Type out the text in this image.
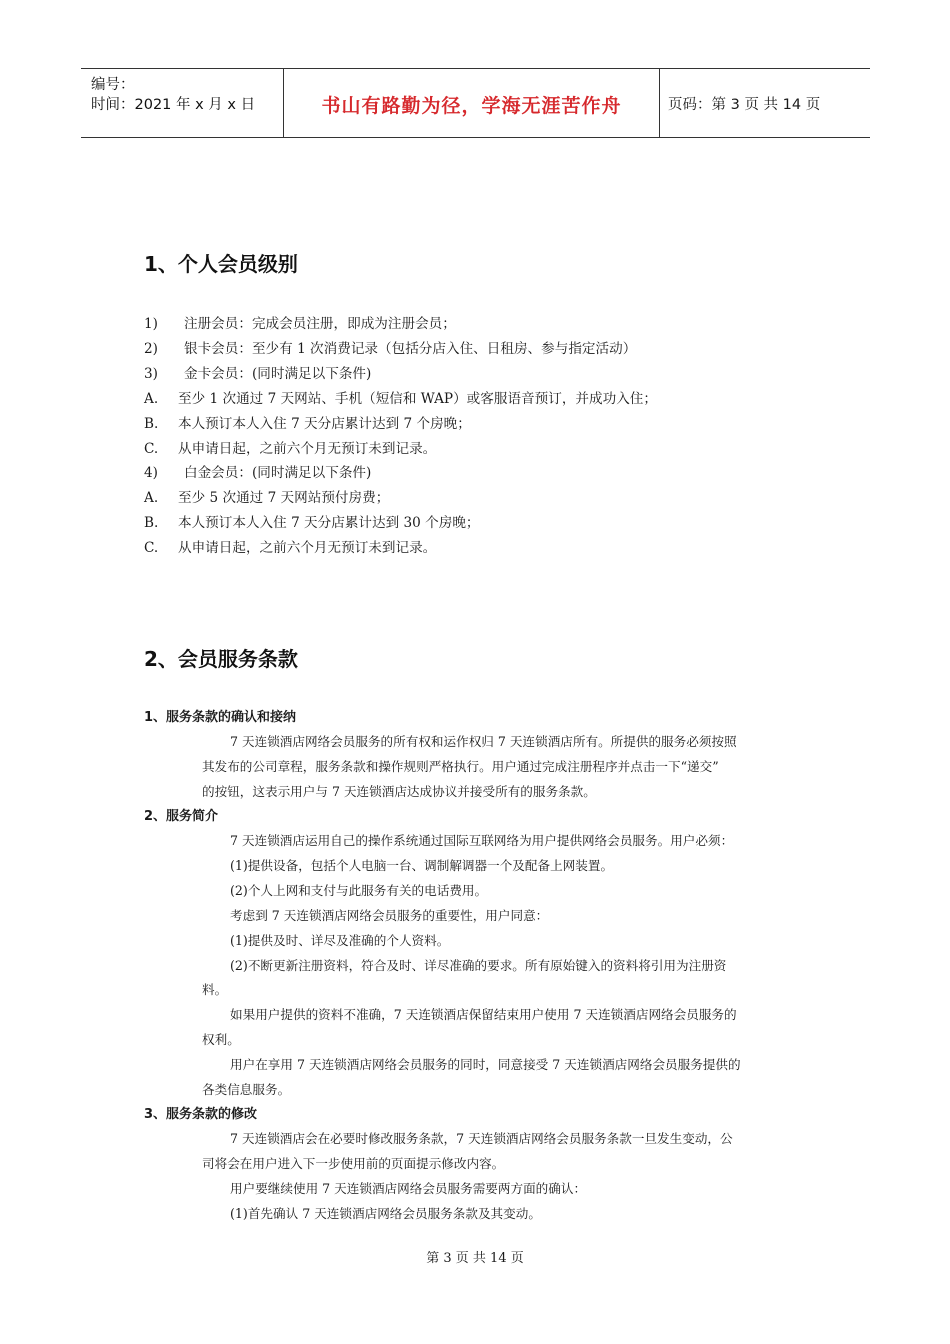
编号：
时间：2021 年 x 月 x 日	书山有路勤为径，学海无涯苦作舟	页码：第 3 页 共 14 页
1、个人会员级别
1) 注册会员：完成会员注册，即成为注册会员；
2) 银卡会员：至少有 1 次消费记录（包括分店入住、日租房、参与指定活动）
3) 金卡会员：(同时满足以下条件)
A. 至少 1 次通过 7 天网站、手机（短信和 WAP）或客服语音预订，并成功入住；
B. 本人预订本人入住 7 天分店累计达到 7 个房晚；
C. 从申请日起，之前六个月无预订未到记录。
4) 白金会员：(同时满足以下条件)
A. 至少 5 次通过 7 天网站预付房费；
B. 本人预订本人入住 7 天分店累计达到 30 个房晚；
C. 从申请日起，之前六个月无预订未到记录。
2、会员服务条款
1、服务条款的确认和接纳
7 天连锁酒店网络会员服务的所有权和运作权归 7 天连锁酒店所有。所提供的服务必须按照
其发布的公司章程，服务条款和操作规则严格执行。用户通过完成注册程序并点击一下“递交”
的按钮，这表示用户与 7 天连锁酒店达成协议并接受所有的服务条款。
2、服务简介
7 天连锁酒店运用自己的操作系统通过国际互联网络为用户提供网络会员服务。用户必须：
(1)提供设备，包括个人电脑一台、调制解调器一个及配备上网装置。
(2)个人上网和支付与此服务有关的电话费用。
考虑到 7 天连锁酒店网络会员服务的重要性，用户同意：
(1)提供及时、详尽及准确的个人资料。
(2)不断更新注册资料，符合及时、详尽准确的要求。所有原始键入的资料将引用为注册资
料。
如果用户提供的资料不准确，7 天连锁酒店保留结束用户使用 7 天连锁酒店网络会员服务的
权利。
用户在享用 7 天连锁酒店网络会员服务的同时，同意接受 7 天连锁酒店网络会员服务提供的
各类信息服务。
3、服务条款的修改
7 天连锁酒店会在必要时修改服务条款，7 天连锁酒店网络会员服务条款一旦发生变动，公
司将会在用户进入下一步使用前的页面提示修改内容。
用户要继续使用 7 天连锁酒店网络会员服务需要两方面的确认：
(1)首先确认 7 天连锁酒店网络会员服务条款及其变动。
第 3 页 共 14 页
